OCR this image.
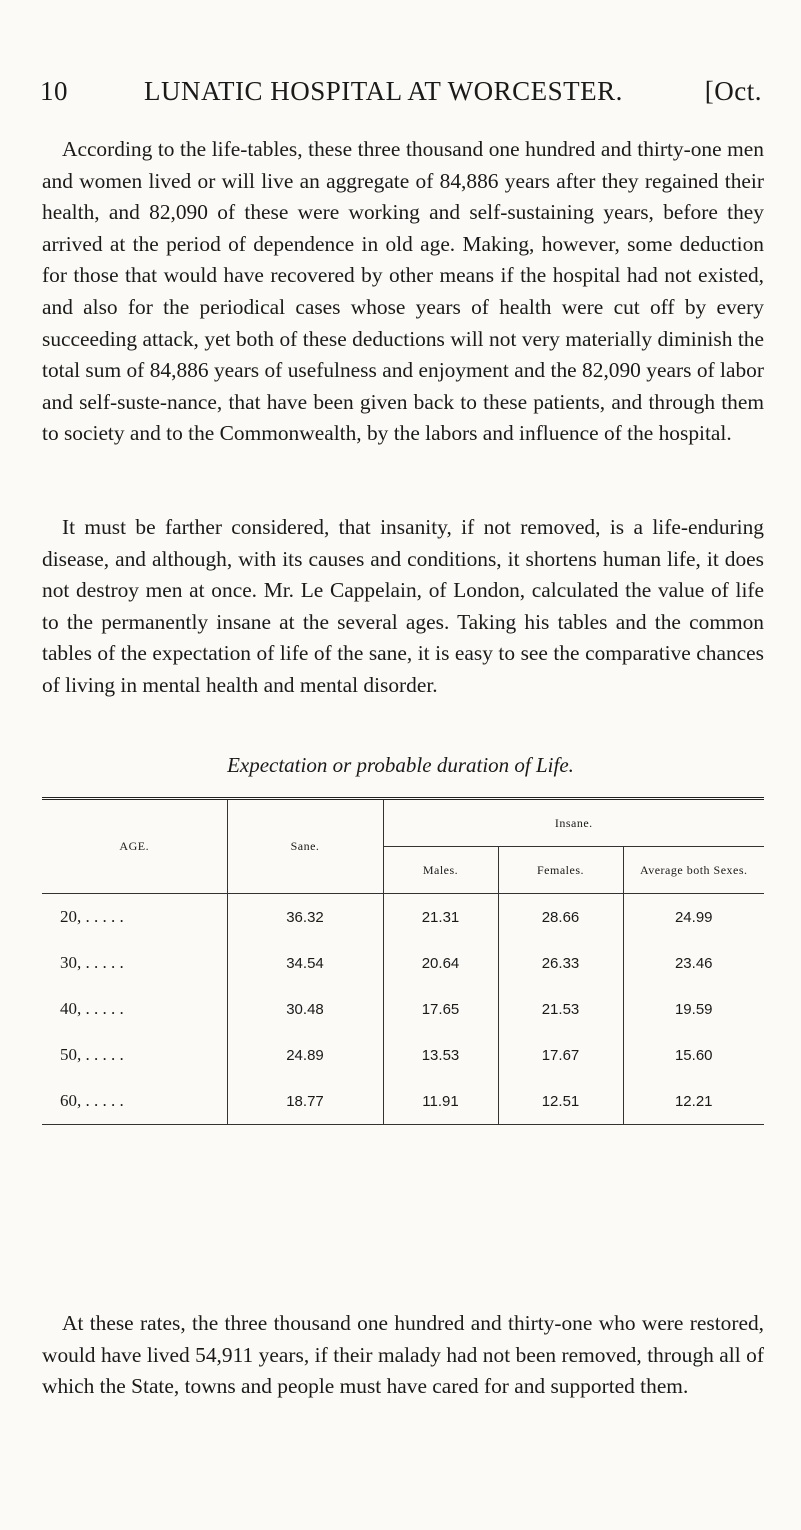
10	LUNATIC HOSPITAL AT WORCESTER.	[Oct.

According to the life-tables, these three thousand one hundred and thirty-one men and women lived or will live an aggregate of 84,886 years after they regained their health, and 82,090 of these were working and self-sustaining years, before they arrived at the period of dependence in old age. Making, however, some deduction for those that would have recovered by other means if the hospital had not existed, and also for the periodical cases whose years of health were cut off by every succeeding attack, yet both of these deductions will not very materially diminish the total sum of 84,886 years of usefulness and enjoyment and the 82,090 years of labor and self-suste-nance, that have been given back to these patients, and through them to society and to the Commonwealth, by the labors and influence of the hospital.

It must be farther considered, that insanity, if not removed, is a life-enduring disease, and although, with its causes and conditions, it shortens human life, it does not destroy men at once. Mr. Le Cappelain, of London, calculated the value of life to the permanently insane at the several ages. Taking his tables and the common tables of the expectation of life of the sane, it is easy to see the comparative chances of living in mental health and mental disorder.

Expectation or probable duration of Life.
AGE.	Sane.	Insane.		
		Males.	Females.	Average both Sexes.
20, . . . . .	36.32	21.31	28.66	24.99
30, . . . . .	34.54	20.64	26.33	23.46
40, . . . . .	30.48	17.65	21.53	19.59
50, . . . . .	24.89	13.53	17.67	15.60
60, . . . . .	18.77	11.91	12.51	12.21

At these rates, the three thousand one hundred and thirty-one who were restored, would have lived 54,911 years, if their malady had not been removed, through all of which the State, towns and people must have cared for and supported them.
